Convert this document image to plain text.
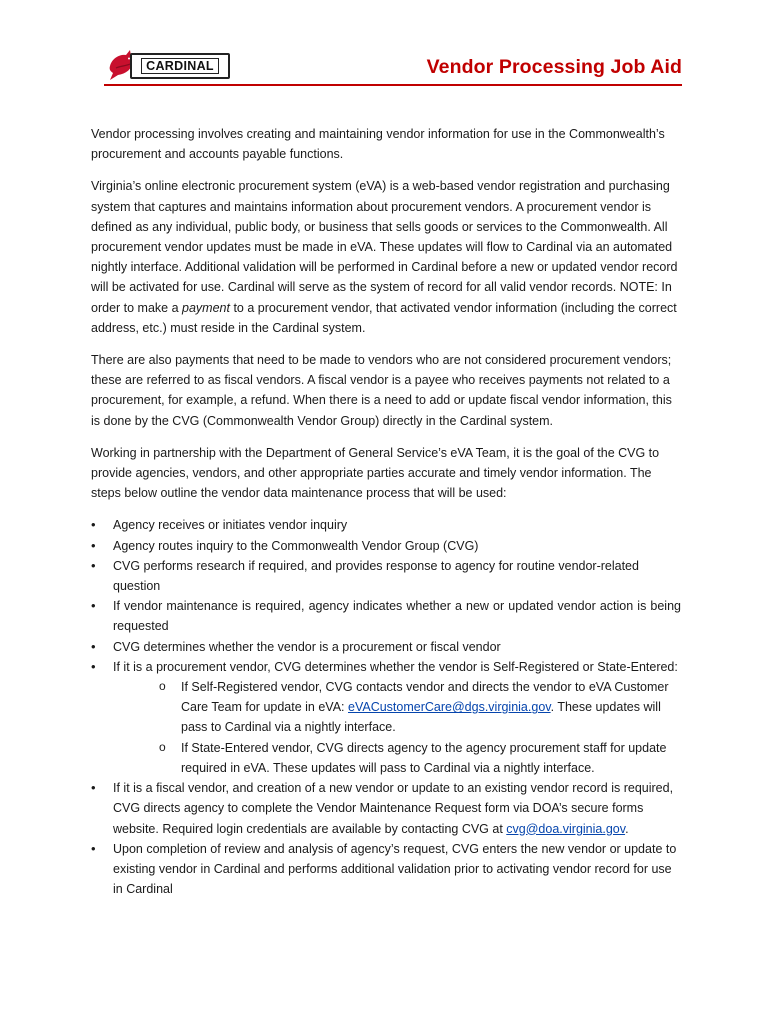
CARDINAL	Vendor Processing Job Aid

Vendor processing involves creating and maintaining vendor information for use in the Commonwealth’s procurement and accounts payable functions.

Virginia’s online electronic procurement system (eVA) is a web-based vendor registration and purchasing system that captures and maintains information about procurement vendors. A procurement vendor is defined as any individual, public body, or business that sells goods or services to the Commonwealth. All procurement vendor updates must be made in eVA. These updates will flow to Cardinal via an automated nightly interface. Additional validation will be performed in Cardinal before a new or updated vendor record will be activated for use. Cardinal will serve as the system of record for all valid vendor records. NOTE: In order to make a payment to a procurement vendor, that activated vendor information (including the correct address, etc.) must reside in the Cardinal system.

There are also payments that need to be made to vendors who are not considered procurement vendors; these are referred to as fiscal vendors. A fiscal vendor is a payee who receives payments not related to a procurement, for example, a refund. When there is a need to add or update fiscal vendor information, this is done by the CVG (Commonwealth Vendor Group) directly in the Cardinal system.

Working in partnership with the Department of General Service’s eVA Team, it is the goal of the CVG to provide agencies, vendors, and other appropriate parties accurate and timely vendor information. The steps below outline the vendor data maintenance process that will be used:

• Agency receives or initiates vendor inquiry
• Agency routes inquiry to the Commonwealth Vendor Group (CVG)
• CVG performs research if required, and provides response to agency for routine vendor-related question
• If vendor maintenance is required, agency indicates whether a new or updated vendor action is being requested
• CVG determines whether the vendor is a procurement or fiscal vendor
• If it is a procurement vendor, CVG determines whether the vendor is Self-Registered or State-Entered:
o If Self-Registered vendor, CVG contacts vendor and directs the vendor to eVA Customer Care Team for update in eVA: eVACustomerCare@dgs.virginia.gov. These updates will pass to Cardinal via a nightly interface.
o If State-Entered vendor, CVG directs agency to the agency procurement staff for update required in eVA. These updates will pass to Cardinal via a nightly interface.
• If it is a fiscal vendor, and creation of a new vendor or update to an existing vendor record is required, CVG directs agency to complete the Vendor Maintenance Request form via DOA’s secure forms website. Required login credentials are available by contacting CVG at cvg@doa.virginia.gov.
• Upon completion of review and analysis of agency’s request, CVG enters the new vendor or update to existing vendor in Cardinal and performs additional validation prior to activating vendor record for use in Cardinal
